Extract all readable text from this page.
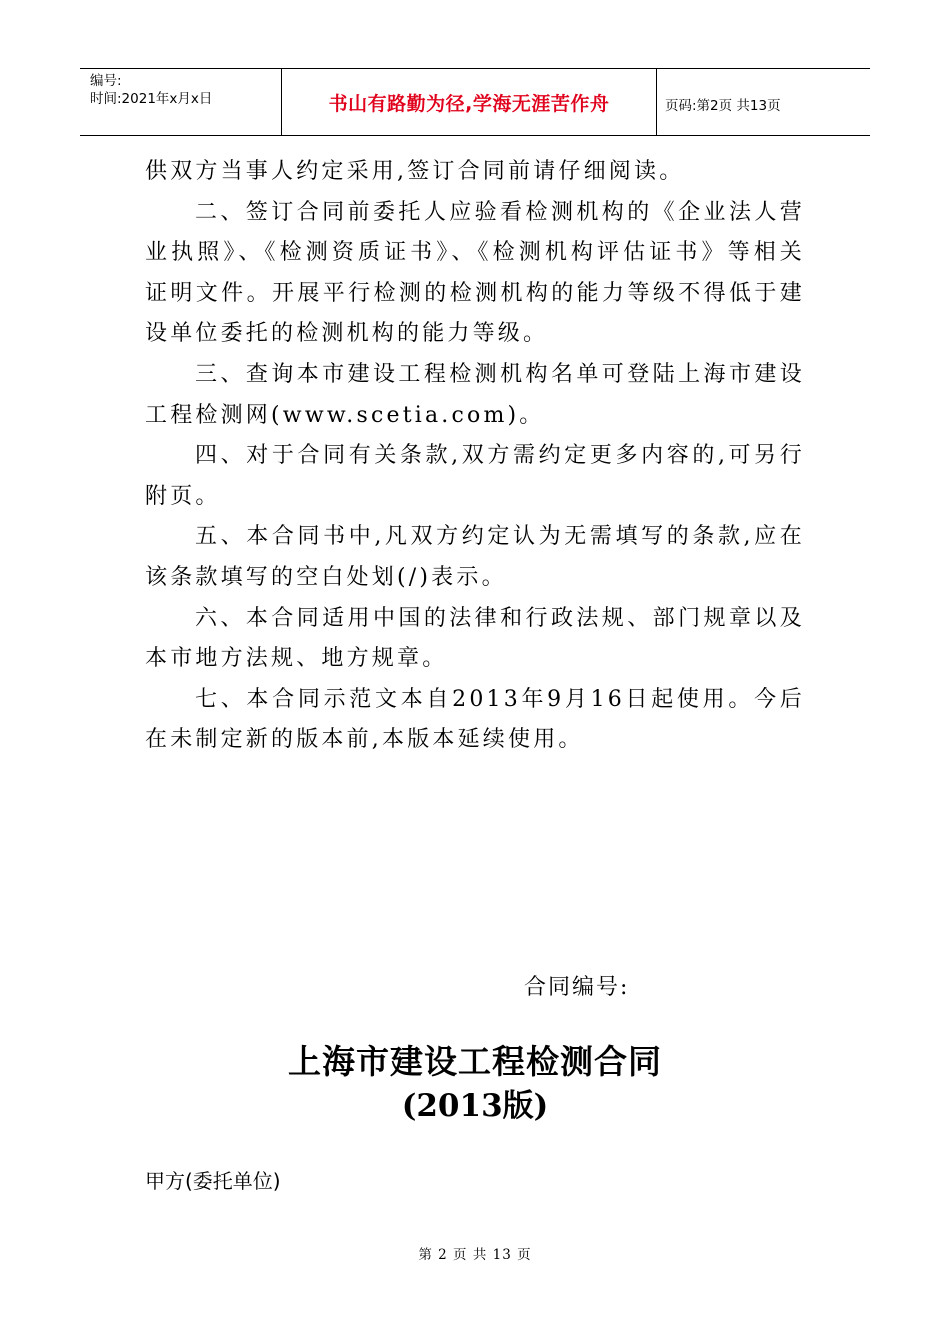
编号:
时间:2021年x月x日	书山有路勤为径,学海无涯苦作舟	页码:第2页 共13页

供双方当事人约定采用,签订合同前请仔细阅读。

二、签订合同前委托人应验看检测机构的《企业法人营业执照》、《检测资质证书》、《检测机构评估证书》等相关证明文件。开展平行检测的检测机构的能力等级不得低于建设单位委托的检测机构的能力等级。

三、查询本市建设工程检测机构名单可登陆上海市建设工程检测网(www.scetia.com)。

四、对于合同有关条款,双方需约定更多内容的,可另行附页。

五、本合同书中,凡双方约定认为无需填写的条款,应在该条款填写的空白处划(/)表示。

六、本合同适用中国的法律和行政法规、部门规章以及本市地方法规、地方规章。

七、本合同示范文本自2013年9月16日起使用。今后在未制定新的版本前,本版本延续使用。

合同编号:
上海市建设工程检测合同
(2013版)
甲方(委托单位)
第 2 页 共 13 页
